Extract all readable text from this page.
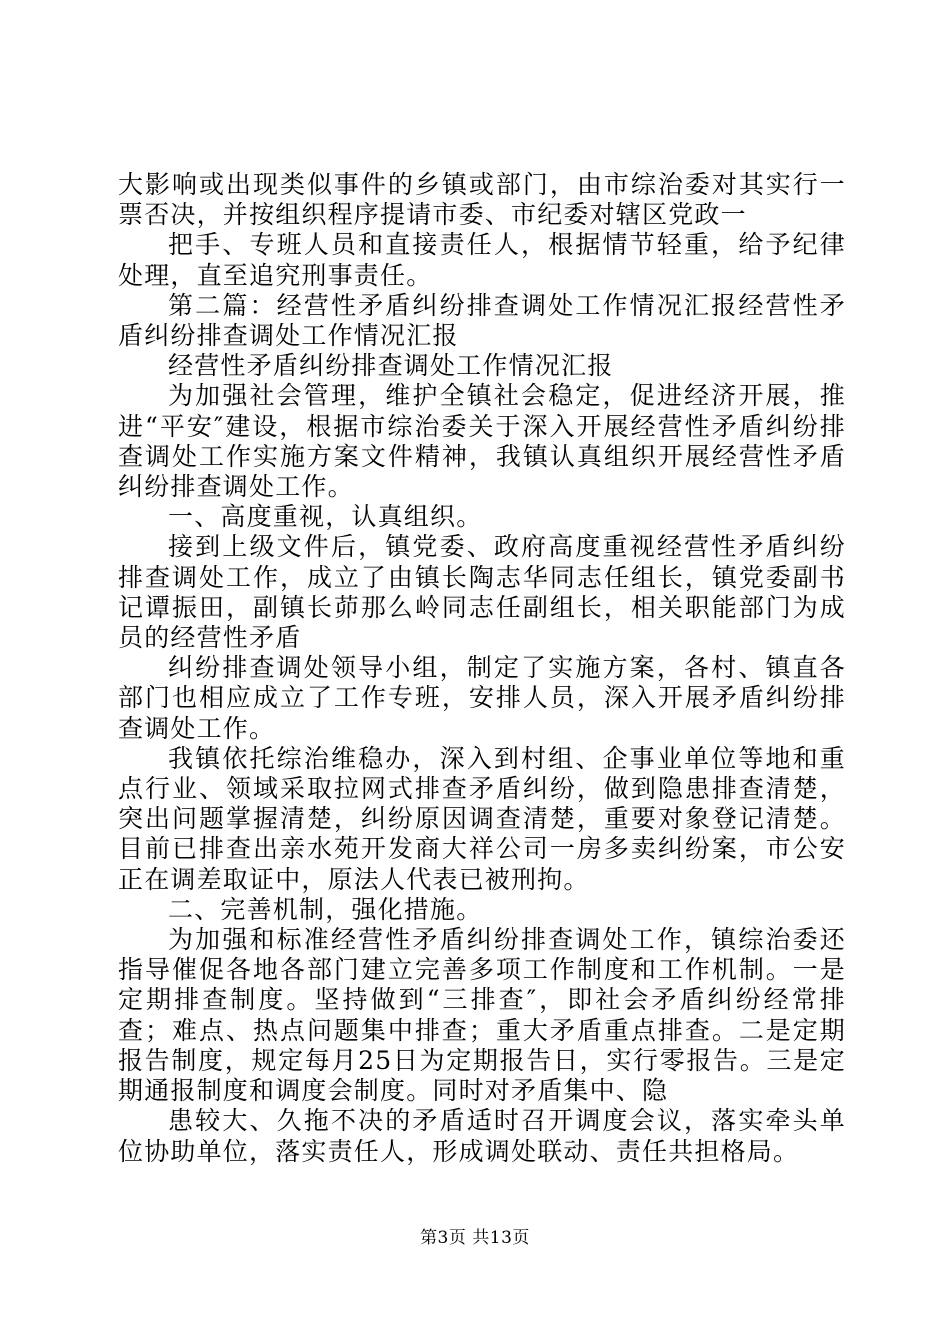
大影响或出现类似事件的乡镇或部门，由市综治委对其实行一票否决，并按组织程序提请市委、市纪委对辖区党政一

把手、专班人员和直接责任人，根据情节轻重，给予纪律处理，直至追究刑事责任。

第二篇：经营性矛盾纠纷排查调处工作情况汇报经营性矛盾纠纷排查调处工作情况汇报

经营性矛盾纠纷排查调处工作情况汇报

为加强社会管理，维护全镇社会稳定，促进经济开展，推进“平安″建设，根据市综治委关于深入开展经营性矛盾纠纷排查调处工作实施方案文件精神，我镇认真组织开展经营性矛盾纠纷排查调处工作。

一、高度重视，认真组织。

接到上级文件后，镇党委、政府高度重视经营性矛盾纠纷排查调处工作，成立了由镇长陶志华同志任组长，镇党委副书记谭振田，副镇长茆那么岭同志任副组长，相关职能部门为成员的经营性矛盾

纠纷排查调处领导小组，制定了实施方案，各村、镇直各部门也相应成立了工作专班，安排人员，深入开展矛盾纠纷排查调处工作。

我镇依托综治维稳办，深入到村组、企事业单位等地和重点行业、领域采取拉网式排查矛盾纠纷，做到隐患排查清楚，突出问题掌握清楚，纠纷原因调查清楚，重要对象登记清楚。目前已排查出亲水苑开发商大祥公司一房多卖纠纷案，市公安正在调差取证中，原法人代表已被刑拘。

二、完善机制，强化措施。

为加强和标准经营性矛盾纠纷排查调处工作，镇综治委还指导催促各地各部门建立完善多项工作制度和工作机制。一是定期排查制度。坚持做到“三排查″，即社会矛盾纠纷经常排查；难点、热点问题集中排查；重大矛盾重点排查。二是定期报告制度，规定每月25日为定期报告日，实行零报告。三是定期通报制度和调度会制度。同时对矛盾集中、隐

患较大、久拖不决的矛盾适时召开调度会议，落实牵头单位协助单位，落实责任人，形成调处联动、责任共担格局。

第3页 共13页
